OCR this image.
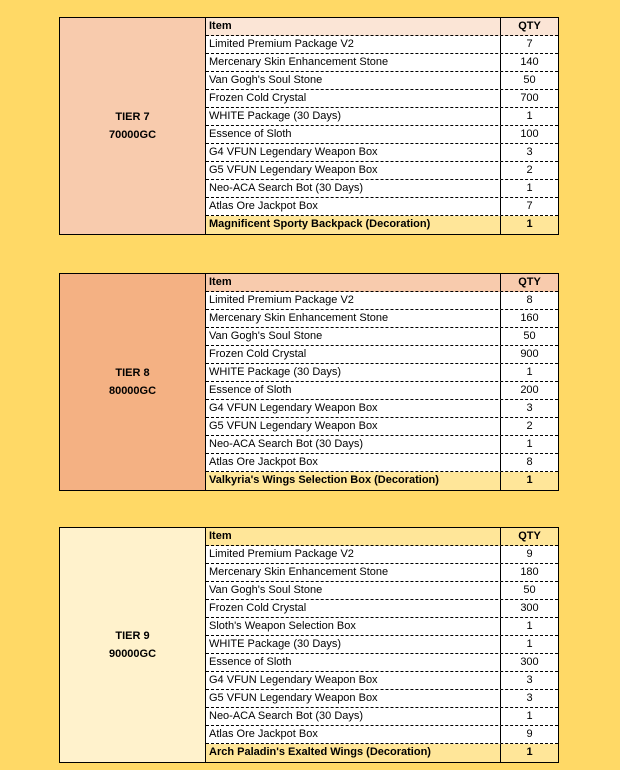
TIER 7
70000GC
Item	QTY
Limited Premium Package V2	7
Mercenary Skin Enhancement Stone	140
Van Gogh's Soul Stone	50
Frozen Cold Crystal	700
WHITE Package (30 Days)	1
Essence of Sloth	100
G4 VFUN Legendary Weapon Box	3
G5 VFUN Legendary Weapon Box	2
Neo-ACA Search Bot (30 Days)	1
Atlas Ore Jackpot Box	7
Magnificent Sporty Backpack (Decoration)	1
TIER 8
80000GC
Item	QTY
Limited Premium Package V2	8
Mercenary Skin Enhancement Stone	160
Van Gogh's Soul Stone	50
Frozen Cold Crystal	900
WHITE Package (30 Days)	1
Essence of Sloth	200
G4 VFUN Legendary Weapon Box	3
G5 VFUN Legendary Weapon Box	2
Neo-ACA Search Bot (30 Days)	1
Atlas Ore Jackpot Box	8
Valkyria's Wings Selection Box (Decoration)	1
TIER 9
90000GC
Item	QTY
Limited Premium Package V2	9
Mercenary Skin Enhancement Stone	180
Van Gogh's Soul Stone	50
Frozen Cold Crystal	300
Sloth's Weapon Selection Box	1
WHITE Package (30 Days)	1
Essence of Sloth	300
G4 VFUN Legendary Weapon Box	3
G5 VFUN Legendary Weapon Box	3
Neo-ACA Search Bot (30 Days)	1
Atlas Ore Jackpot Box	9
Arch Paladin's Exalted Wings (Decoration)	1
